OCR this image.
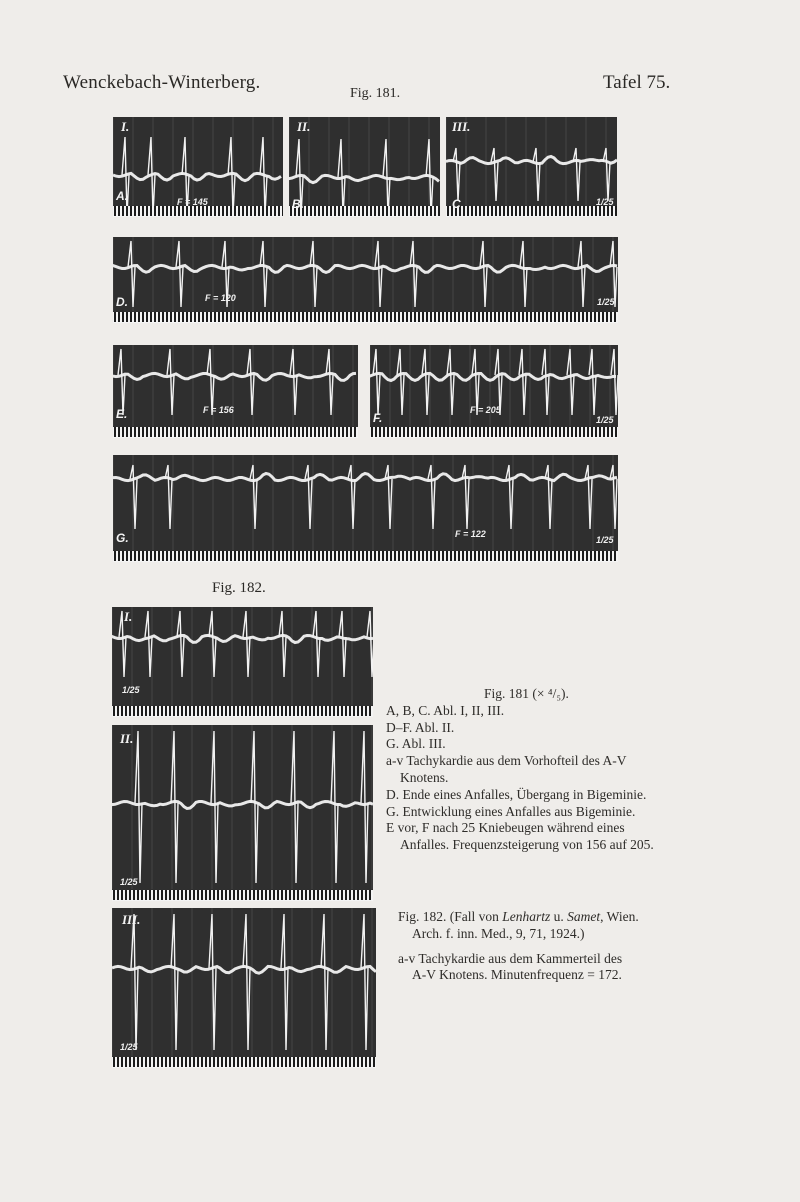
Wenckebach-Winterberg.	Tafel 75.
Fig. 181.
I.
A.	F = 145
II.
B.
III.
C.	1/25
D.	F = 120	1/25
E.	F = 156
F.
F = 205
1/25
G.	F = 122
1/25
Fig. 182.
I.
1/25
II.
1/25
III.
1/25
Fig. 181 (× ⁴/₅).
A, B, C. Abl. I, II, III.
D–F. Abl. II.
G. Abl. III.
a-v Tachykardie aus dem Vorhofteil des A-V
Knotens.
D. Ende eines Anfalles, Übergang in Bigeminie.
G. Entwicklung eines Anfalles aus Bigeminie.
E vor, F nach 25 Kniebeugen während eines
Anfalles. Frequenzsteigerung von 156 auf 205.
Fig. 182. (Fall von Lenhartz u. Samet, Wien.
Arch. f. inn. Med., 9, 71, 1924.)
a-v Tachykardie aus dem Kammerteil des
A-V Knotens. Minutenfrequenz = 172.
